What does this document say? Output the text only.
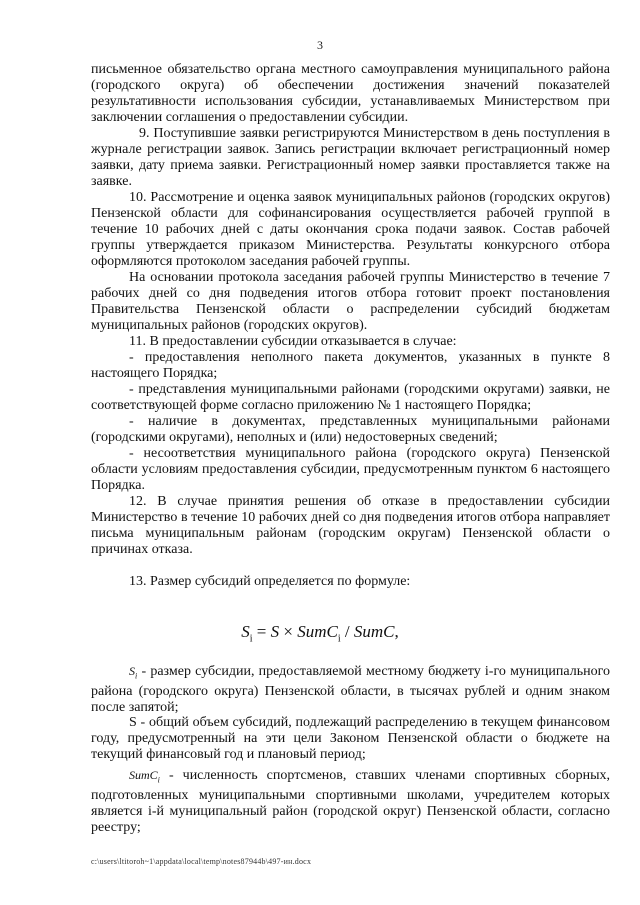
3

письменное обязательство органа местного самоуправления муниципального района (городского округа) об обеспечении достижения значений показателей результативности использования субсидии, устанавливаемых Министерством при заключении соглашения о предоставлении субсидии.

9. Поступившие заявки регистрируются Министерством в день поступления в журнале регистрации заявок. Запись регистрации включает регистрационный номер заявки, дату приема заявки. Регистрационный номер заявки проставляется также на заявке.

10. Рассмотрение и оценка заявок муниципальных районов (городских округов) Пензенской области для софинансирования осуществляется рабочей группой в течение 10 рабочих дней с даты окончания срока подачи заявок. Состав рабочей группы утверждается приказом Министерства. Результаты конкурсного отбора оформляются протоколом заседания рабочей группы.

На основании протокола заседания рабочей группы Министерство в течение 7 рабочих дней со дня подведения итогов отбора готовит проект постановления Правительства Пензенской области о распределении субсидий бюджетам муниципальных районов (городских округов).

11. В предоставлении субсидии отказывается в случае:

- предоставления неполного пакета документов, указанных в пункте 8 настоящего Порядка;

- представления муниципальными районами (городскими округами) заявки, не соответствующей форме согласно приложению № 1 настоящего Порядка;

- наличие в документах, представленных муниципальными районами (городскими округами), неполных и (или) недостоверных сведений;

- несоответствия муниципального района (городского округа) Пензенской области условиям предоставления субсидии, предусмотренным пунктом 6 настоящего Порядка.

12. В случае принятия решения об отказе в предоставлении субсидии Министерство в течение 10 рабочих дней со дня подведения итогов отбора направляет письма муниципальным районам (городским округам) Пензенской области о причинах отказа.

13. Размер субсидий определяется по формуле:

$S_i = S$ × SumC$_i$ / SumC,

$S_i$ - размер субсидии, предоставляемой местному бюджету i-го муниципального района (городского округа) Пензенской области, в тысячах рублей и одним знаком после запятой;

S - общий объем субсидий, подлежащий распределению в текущем финансовом году, предусмотренный на эти цели Законом Пензенской области о бюджете на текущий финансовый год и плановый период;

SumC$_i$ - численность спортсменов, ставших членами спортивных сборных, подготовленных муниципальными спортивными школами, учредителем которых является i-й муниципальный район (городской округ) Пензенской области, согласно реестру;

c:\users\ltitoroh~1\appdata\local\temp\notes87944b\497-ин.docx
